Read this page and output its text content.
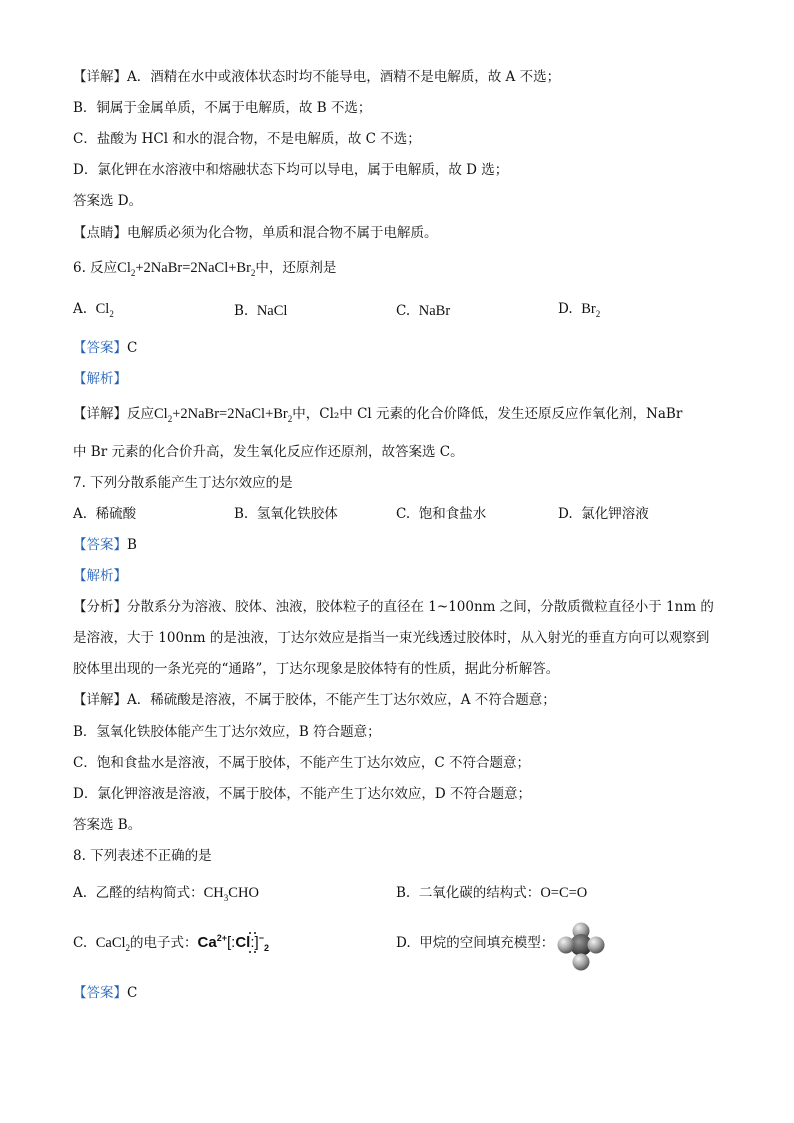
【详解】A．酒精在水中或液体状态时均不能导电，酒精不是电解质，故 A 不选；
B．铜属于金属单质，不属于电解质，故 B 不选；
C．盐酸为 HCl 和水的混合物，不是电解质，故 C 不选；
D．氯化钾在水溶液中和熔融状态下均可以导电，属于电解质，故 D 选；
答案选 D。
【点睛】电解质必须为化合物，单质和混合物不属于电解质。
6. 反应$Cl_2+2NaBr=2NaCl+Br_2$中，还原剂是
A. $Cl_2$	B. NaCl	C. NaBr	D. $Br_2$
【答案】C
【解析】
【详解】反应$Cl_2+2NaBr=2NaCl+Br_2$中，Cl₂中 Cl 元素的化合价降低，发生还原反应作氧化剂，NaBr
中 Br 元素的化合价升高，发生氧化反应作还原剂，故答案选 C。
7. 下列分散系能产生丁达尔效应的是
A. 稀硫酸	B. 氢氧化铁胶体	C. 饱和食盐水	D. 氯化钾溶液
【答案】B
【解析】
【分析】分散系分为溶液、胶体、浊液，胶体粒子的直径在 1~100nm 之间，分散质微粒直径小于 1nm 的
是溶液，大于 100nm 的是浊液，丁达尔效应是指当一束光线透过胶体时，从入射光的垂直方向可以观察到
胶体里出现的一条光亮的“通路”，丁达尔现象是胶体特有的性质，据此分析解答。
【详解】A．稀硫酸是溶液，不属于胶体，不能产生丁达尔效应，A 不符合题意；
B．氢氧化铁胶体能产生丁达尔效应，B 符合题意；
C．饱和食盐水是溶液，不属于胶体，不能产生丁达尔效应，C 不符合题意；
D．氯化钾溶液是溶液，不属于胶体，不能产生丁达尔效应，D 不符合题意；
答案选 B。
8. 下列表述不正确的是
A. 乙醛的结构简式：$CH_3CHO$	B. 二氧化碳的结构式：O=C=O
C. CaCl$_2$的电子式：$Ca^{2+}[:Cl:]^-_2$	D. 甲烷的空间填充模型：
【答案】C
